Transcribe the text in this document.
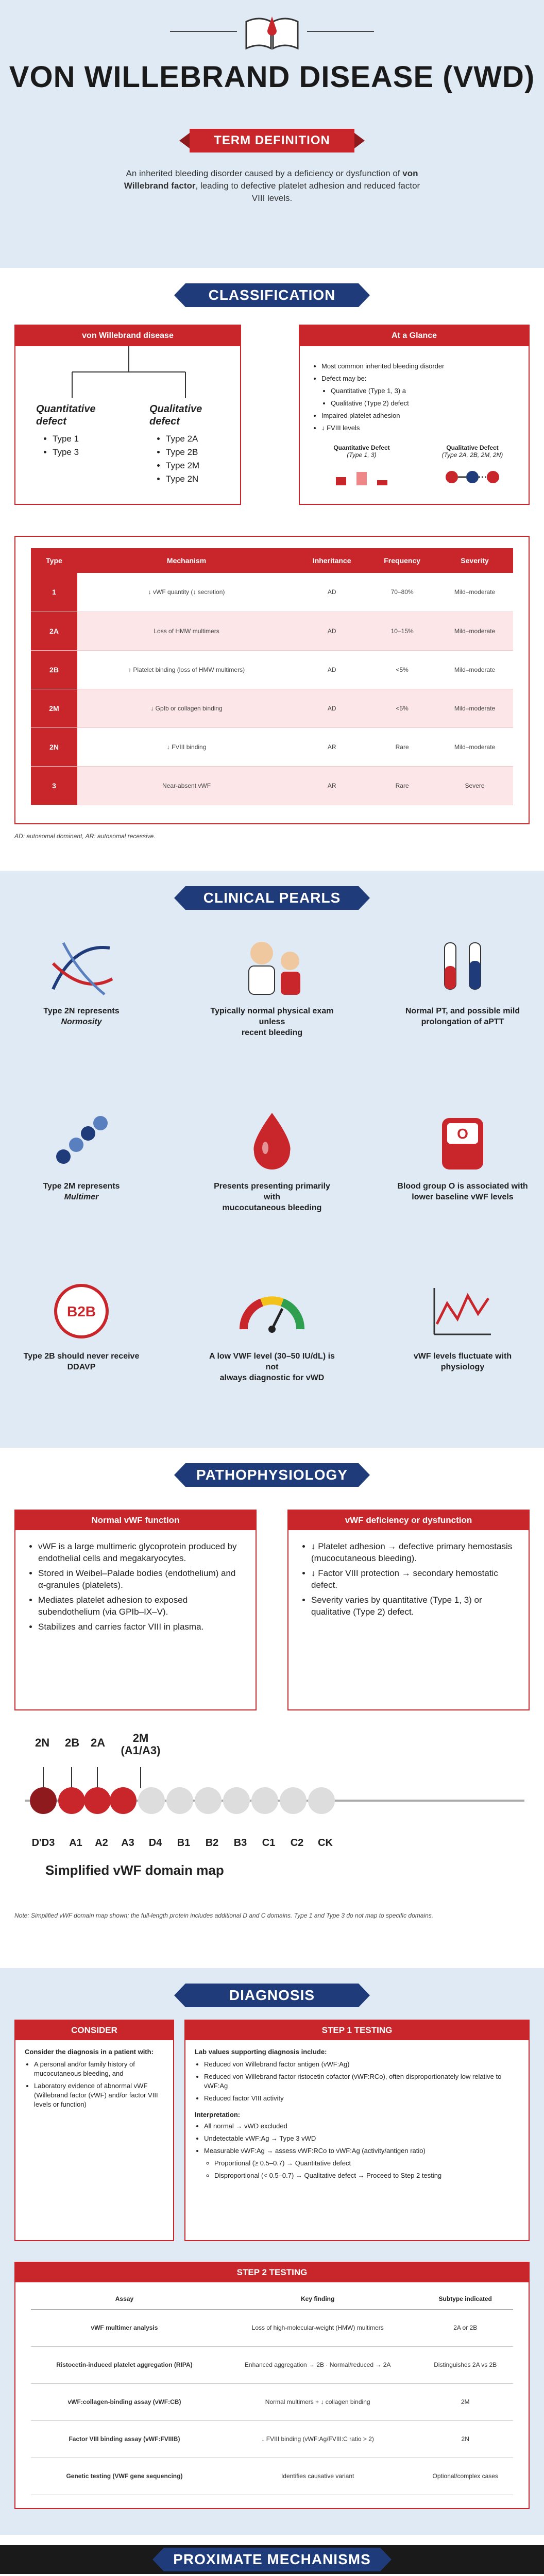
VON WILLEBRAND DISEASE (VWD)
TERM DEFINITION
An inherited bleeding disorder caused by a deficiency or dysfunction of von Willebrand factor, leading to defective platelet adhesion and reduced factor VIII levels.
CLASSIFICATION
von Willebrand disease
Quantitative defect
• Type 1
• Type 3
Qualitative defect
• Type 2A
• Type 2B
• Type 2M
• Type 2N
At a Glance
• Most common inherited bleeding disorder
• Defect may be:
• Quantitative (Type 1, 3) a
• Qualitative (Type 2) defect
• Impaired platelet adhesion
• ↓ FVIII levels
Quantitative Defect
(Type 1, 3)
Qualitative Defect
(Type 2A, 2B, 2M, 2N)
Type	Mechanism	Inheritance	Frequency	Severity
1	↓ vWF quantity (↓ secretion)	AD	70–80%	Mild–moderate
2A	Loss of HMW multimers	AD	10–15%	Mild–moderate
2B	↑ Platelet binding (loss of HMW multimers)	AD	<5%	Mild–moderate
2M	↓ GpIb or collagen binding	AD	<5%	Mild–moderate
2N	↓ FVIII binding	AR	Rare	Mild–moderate
3	Near-absent vWF	AR	Rare	Severe
AD: autosomal dominant, AR: autosomal recessive.
CLINICAL PEARLS
Type 2N represents
Normosity
Typically normal physical exam unless
recent bleeding
Normal PT, and possible mild
prolongation of aPTT
Type 2M represents
Multimer
Presents presenting primarily with
mucocutaneous bleeding
O
Blood group O is associated with
lower baseline vWF levels
B2B
Type 2B should never receive
DDAVP
A low VWF level (30–50 IU/dL) is not
always diagnostic for vWD
vWF levels fluctuate with
physiology
PATHOPHYSIOLOGY
Normal vWF function
• vWF is a large multimeric glycoprotein produced by endothelial cells and megakaryocytes.
• Stored in Weibel–Palade bodies (endothelium) and α-granules (platelets).
• Mediates platelet adhesion to exposed subendothelium (via GPIb–IX–V).
• Stabilizes and carries factor VIII in plasma.
vWF deficiency or dysfunction
• ↓ Platelet adhesion → defective primary hemostasis (mucocutaneous bleeding).
• ↓ Factor VIII protection → secondary hemostatic defect.
• Severity varies by quantitative (Type 1, 3) or qualitative (Type 2) defect.
2N 2B 2A	2M (A1/A3)
D'D3	A1	A2	A3	D4	B1	B2	B3	C1	C2	CK
Simplified vWF domain map
Note: Simplified vWF domain map shown; the full-length protein includes additional D and C domains. Type 1 and Type 3 do not map to specific domains.
DIAGNOSIS
CONSIDER
Consider the diagnosis in a patient with:
• A personal and/or family history of mucocutaneous bleeding, and
• Laboratory evidence of abnormal vWF (Willebrand factor (vWF) and/or factor VIII levels or function)
STEP 1 TESTING
Lab values supporting diagnosis include:
• Reduced von Willebrand factor antigen (vWF:Ag)
• Reduced von Willebrand factor ristocetin cofactor (vWF:RCo), often disproportionately low relative to vWF:Ag
• Reduced factor VIII activity
Interpretation:
• All normal → vWD excluded
• Undetectable vWF:Ag → Type 3 vWD
• Measurable vWF:Ag → assess vWF:RCo to vWF:Ag (activity/antigen ratio)
◦ Proportional (≥ 0.5–0.7) → Quantitative defect
◦ Disproportional (< 0.5–0.7) → Qualitative defect → Proceed to Step 2 testing
STEP 2 TESTING
Assay	Key finding	Subtype indicated
vWF multimer analysis	Loss of high-molecular-weight (HMW) multimers	2A or 2B
Ristocetin-induced platelet aggregation (RIPA)	Enhanced aggregation → 2B · Normal/reduced → 2A	Distinguishes 2A vs 2B
vWF:collagen-binding assay (vWF:CB)	Normal multimers + ↓ collagen binding	2M
Factor VIII binding assay (vWF:FVIIIB)	↓ FVIII binding (vWF:Ag/FVIII:C ratio > 2)	2N
Genetic testing (VWF gene sequencing)	Identifies causative variant	Optional/complex cases
PROXIMATE MECHANISMS
